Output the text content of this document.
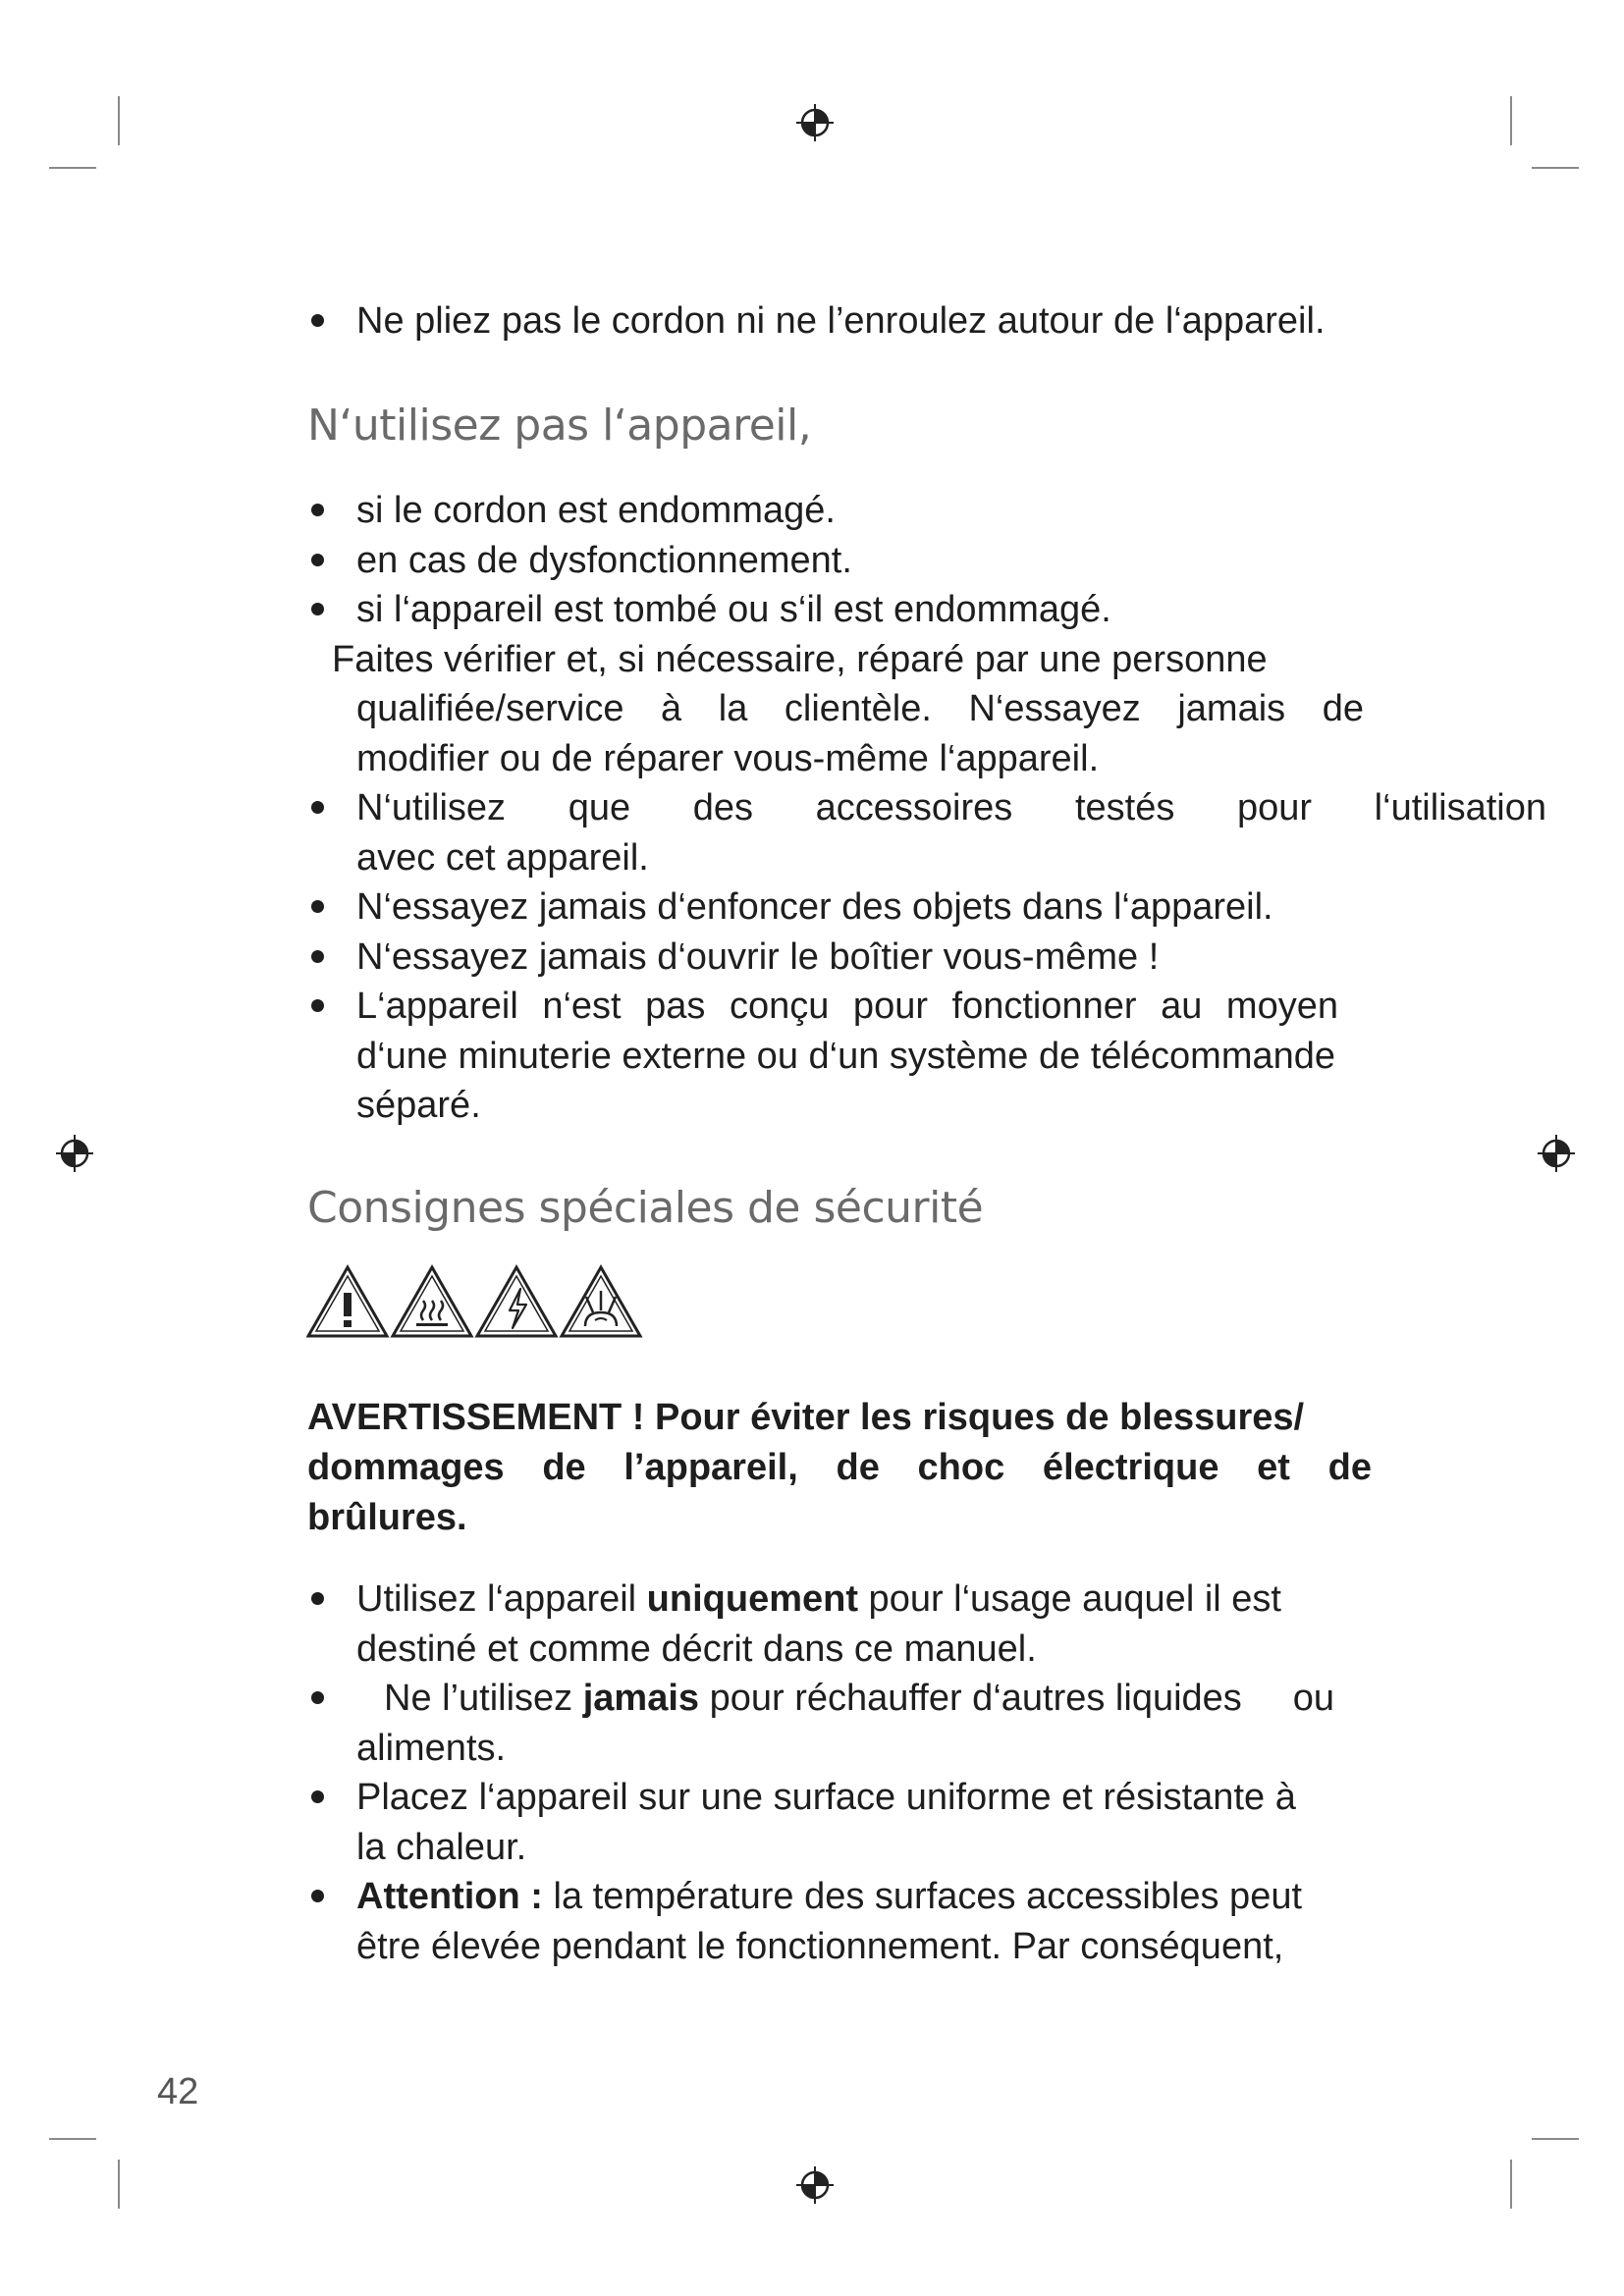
Ne pliez pas le cordon ni ne l’enroulez autour de l‘appareil.

N‘utilisez pas l‘appareil,

si le cordon est endommagé.

en cas de dysfonctionnement.

si l‘appareil est tombé ou s‘il est endommagé.

Faites vérifier et, si nécessaire, réparé par une personne

qualifiée/service à la clientèle. N‘essayez jamais de

modifier ou de réparer vous-même l‘appareil.

N‘utilisez que des accessoires testés pour l‘utilisation
avec cet appareil.

N‘essayez jamais d‘enfoncer des objets dans l‘appareil.

N‘essayez jamais d‘ouvrir le boîtier vous-même !

L‘appareil n‘est pas conçu pour fonctionner au moyen
d‘une minuterie externe ou d‘un système de télécommande
séparé.
Consignes spéciales de sécurité
AVERTISSEMENT ! Pour éviter les risques de blessures/
dommages de l’appareil, de choc électrique et de
brûlures.
Utilisez l‘appareil uniquement pour l‘usage auquel il est
destiné et comme décrit dans ce manuel.
Ne l’utilisez jamais pour réchauffer d‘autres liquides ou
aliments.
Placez l‘appareil sur une surface uniforme et résistante à
la chaleur.
Attention : la température des surfaces accessibles peut
être élevée pendant le fonctionnement. Par conséquent,
42
